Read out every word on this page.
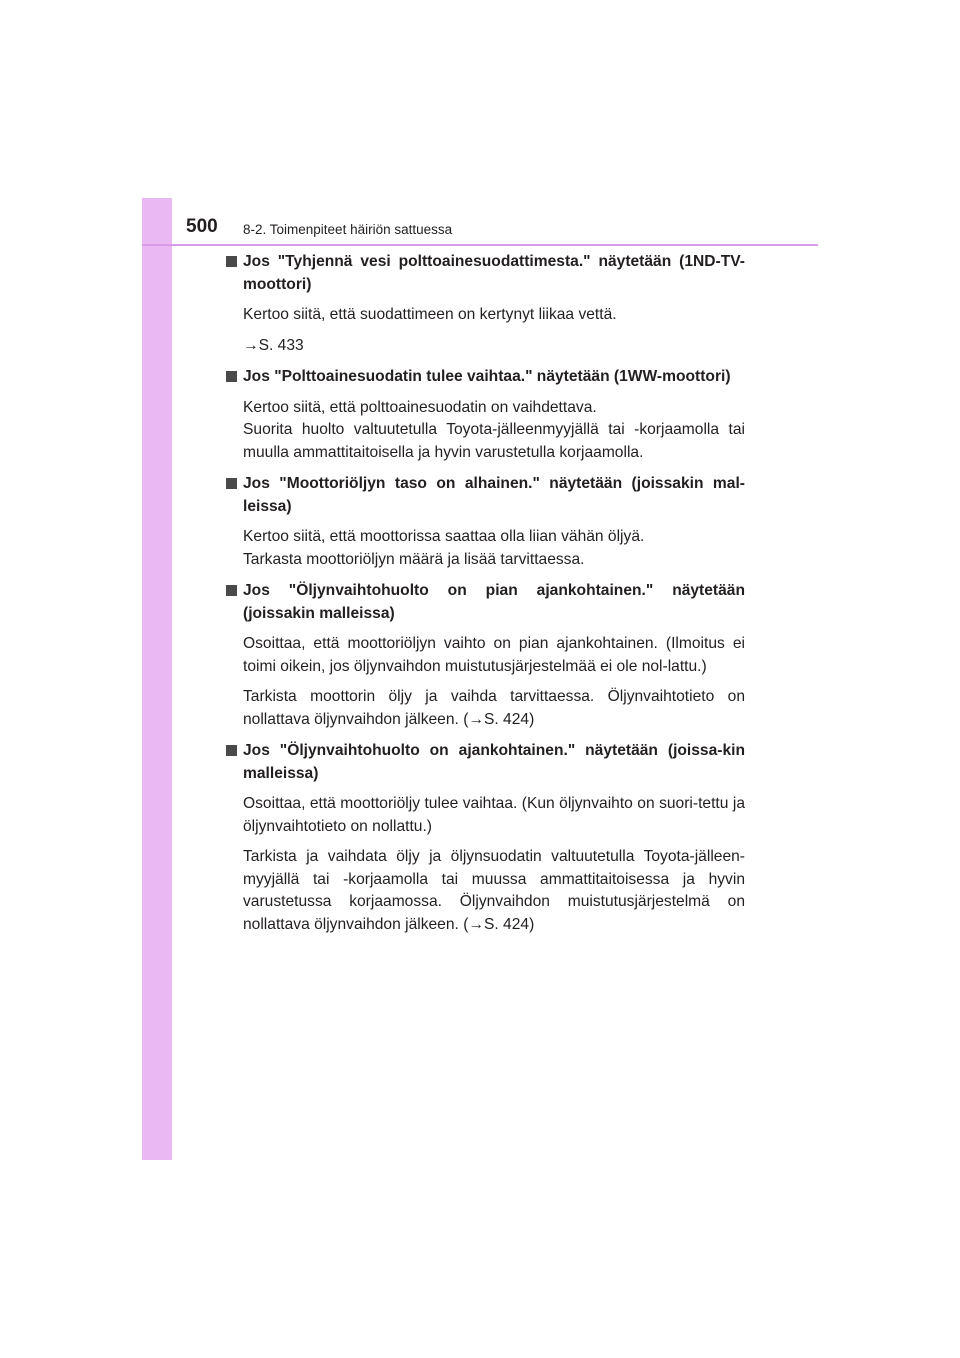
500 8-2. Toimenpiteet häiriön sattuessa
Jos "Tyhjennä vesi polttoainesuodattimesta." näytetään (1ND-TV-moottori)
Kertoo siitä, että suodattimeen on kertynyt liikaa vettä.
→S. 433
Jos "Polttoainesuodatin tulee vaihtaa." näytetään (1WW-moottori)
Kertoo siitä, että polttoainesuodatin on vaihdettava.
Suorita huolto valtuutetulla Toyota-jälleenmyyjällä tai -korjaamolla tai muulla ammattitaitoisella ja hyvin varustetulla korjaamolla.
Jos "Moottoriöljyn taso on alhainen." näytetään (joissakin mal-leissa)
Kertoo siitä, että moottorissa saattaa olla liian vähän öljyä.
Tarkasta moottoriöljyn määrä ja lisää tarvittaessa.
Jos "Öljynvaihtohuolto on pian ajankohtainen." näytetään (joissakin malleissa)
Osoittaa, että moottoriöljyn vaihto on pian ajankohtainen. (Ilmoitus ei toimi oikein, jos öljynvaihdon muistutusjärjestelmää ei ole nol-lattu.)
Tarkista moottorin öljy ja vaihda tarvittaessa. Öljynvaihtotieto on nollattava öljynvaihdon jälkeen. (→S. 424)
Jos "Öljynvaihtohuolto on ajankohtainen." näytetään (joissa-kin malleissa)
Osoittaa, että moottoriöljy tulee vaihtaa. (Kun öljynvaihto on suori-tettu ja öljynvaihtotieto on nollattu.)
Tarkista ja vaihdata öljy ja öljynsuodatin valtuutetulla Toyota-jälleen-myyjällä tai -korjaamolla tai muussa ammattitaitoisessa ja hyvin varustetussa korjaamossa. Öljynvaihdon muistutusjärjestelmä on nollattava öljynvaihdon jälkeen. (→S. 424)
